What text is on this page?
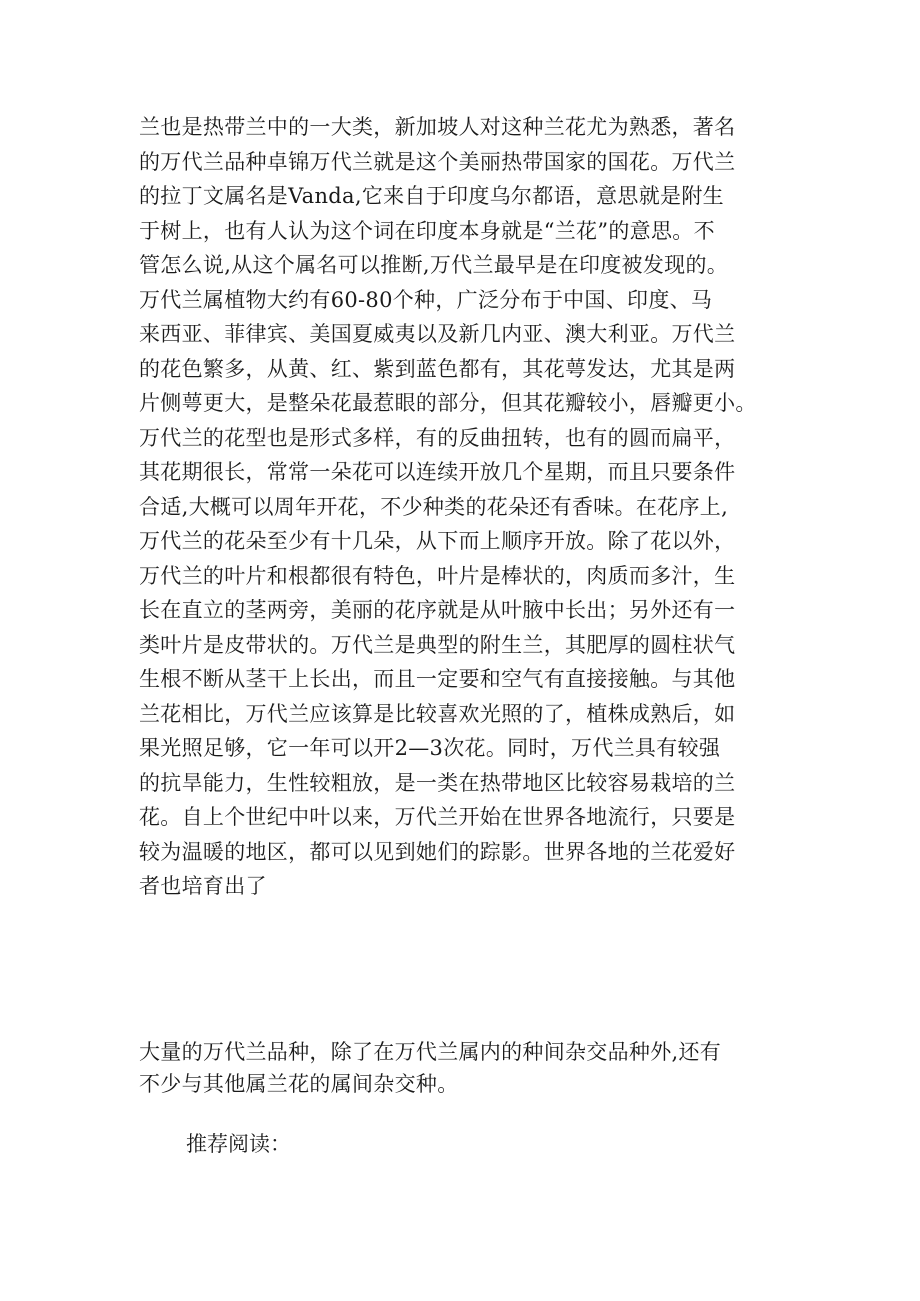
兰也是热带兰中的一大类，新加坡人对这种兰花尤为熟悉，著名
的万代兰品种卓锦万代兰就是这个美丽热带国家的国花。万代兰
的拉丁文属名是Vanda,它来自于印度乌尔都语，意思就是附生
于树上，也有人认为这个词在印度本身就是“兰花”的意思。不
管怎么说,从这个属名可以推断,万代兰最早是在印度被发现的。
万代兰属植物大约有60-80个种，广泛分布于中国、印度、马
来西亚、菲律宾、美国夏威夷以及新几内亚、澳大利亚。万代兰
的花色繁多，从黄、红、紫到蓝色都有，其花萼发达，尤其是两
片侧萼更大，是整朵花最惹眼的部分，但其花瓣较小，唇瓣更小。
万代兰的花型也是形式多样，有的反曲扭转，也有的圆而扁平，
其花期很长，常常一朵花可以连续开放几个星期，而且只要条件
合适,大概可以周年开花，不少种类的花朵还有香味。在花序上,
万代兰的花朵至少有十几朵，从下而上顺序开放。除了花以外，
万代兰的叶片和根都很有特色，叶片是棒状的，肉质而多汁，生
长在直立的茎两旁，美丽的花序就是从叶腋中长出；另外还有一
类叶片是皮带状的。万代兰是典型的附生兰，其肥厚的圆柱状气
生根不断从茎干上长出，而且一定要和空气有直接接触。与其他
兰花相比，万代兰应该算是比较喜欢光照的了，植株成熟后，如
果光照足够，它一年可以开2—3次花。同时，万代兰具有较强
的抗旱能力，生性较粗放，是一类在热带地区比较容易栽培的兰
花。自上个世纪中叶以来，万代兰开始在世界各地流行，只要是
较为温暖的地区，都可以见到她们的踪影。世界各地的兰花爱好
者也培育出了
大量的万代兰品种，除了在万代兰属内的种间杂交品种外,还有
不少与其他属兰花的属间杂交种。

推荐阅读：
